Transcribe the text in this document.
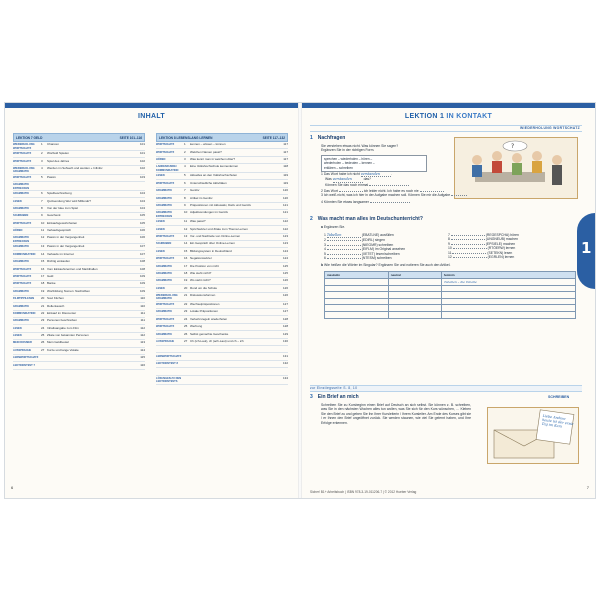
INHALT
LEKTION 7 GELD	SEITE 101–116
WIEDERHOLUNG WORTSCHATZ
1	Chancen	101
WORTSCHATZ	2	Wortfeld Spielen	101
WORTSCHATZ	3	Spiel des Jahres	102
WIEDERHOLUNG GRAMMATIK
4	Werden im Sofwerb und werden + Infinitiv	102
WORTSCHATZ	5	Passiv	103
GRAMMATIK ENTDECKEN
GRAMMATIK	6	Spielbeschreibung	104
LESEN	7	Quizsendung Wer wird Millionär?	104
GRAMMATIK	8	Von der Idee zum Spiel	104
SCHREIBEN	9	Geschenk	105
WORTSCHATZ	10 Einkaufsgewohnheiten	105
HÖREN	11 Verkaufsgespräch	106
GRAMMATIK ENTDECKEN
12 Passiv in der Vergangenheit	106
GRAMMATIK	13 Passiv in der Vergangenheit	107
KOMMUNIKATION	14 Verkaufe im Internet	107
GRAMMATIK	15 Richtig einkaufen	108
WORTSCHATZ	16 Vom Einkaufszentren und Markthallen	108
WORTSCHATZ	17 Geld	109
WORTSCHATZ	18 Banke	109
GRAMMATIK	19 Wortbildung Nomen: Nachsilben	109
FILMTIPP/LESEN	20 Soul Kitchen	110
GRAMMATIK	21 Rollentausch	110
KOMMUNIKATION	22 Einkauf im Discounter	111
GRAMMATIK	23 Personen beschreiben	111
LESEN	24 Inhaltsangabe zum Film	112
LESEN	25 Zitate von bekannten Personen	112
MEIN DOSSIER	26 Mein Geldbeutel	113
AUSSPRACHE	27 Kurze und lange Vokale	114
LERNWORTSCHATZ	115
LEKTIONSTEST 7	116
LEKTION 8 LEBENSLANG LERNEN	SEITE 117–132
WORTSCHATZ	1	kennen – wissen – können	117
WORTSCHATZ	2	Welchen Namen passt?	117
HÖREN	3	Was kennt man in welchem Alter?	117
LANDESKUNDE/ KOMMUNIKATION
4	Eine Volkshochschule kennenlernen	118
LESEN	5	Aktuelles an den Volkshochschulen	119
WORTSCHATZ	6	Unterschiedliche Aktivitäten	119
GRAMMATIK	7	Genitiv	120
GRAMMATIK	8	Artikel im Genitiv	120
GRAMMATIK	9	Präpositionen mit Akkusativ, Dativ und Genitiv	121
GRAMMATIK ENTDECKEN
10 Adjektivendungen im Genitiv	121
LESEN	11 Was passt?	122
LESEN	12 Sprichwörter und Zitate zum Thema Lernen	122
WORTSCHATZ	13 Vor- und Nachteile von Online-Lernen	123
SCHREIBEN	14 Ein Gespräch über Online-Lernen	123
LESEN	15 Bildungssystem in Deutschland	124
WORTSCHATZ	16 Negationswörter	124
GRAMMATIK	17 Die Position von nicht	125
GRAMMATIK	18 Wie steht nicht?	125
GRAMMATIK	19 Wo steht nicht?	126
LESEN	20 Rund um die Schule	126
WIEDERHOLUNG GRAMMATIK
21 Diskussionsformen	126
WORTSCHATZ	22 Wechselpräpositionen	127
GRAMMATIK	23 Lokale Präpositionen	127
WORTSCHATZ	24 Verkehrsregeln wiederholen	128
WORTSCHATZ	25 Werbung	128
GRAMMATIK	26 Selbst gemachte Geschenke	129
AUSSPRACHE	27 Ch (ich-Laut), ch (ach-Laut) und ch – ich	130
LERNWORTSCHATZ	131
LEKTIONSTEST 8	132
LÖSUNGEN ZU DEN LEKTIONSTESTS
134
6
LEKTION 1 IN KONTAKT
WIEDERHOLUNG WORTSCHATZ
1 Nachfragen
Sie verstehen etwas nicht. Was können Sie sagen?
Ergänzen Sie in der richtigen Form.
sprechen – wiederholen – hören –
wiederholen – bedeuten – kennen –
erklären – schreiben
?
1 Das Wort habe ich nicht verstanden	.
Was verstanden	das?
Können Sie das noch einmal
2 Das Wort	ich leider nicht. Ich habe es noch nie
3 Ich weiß nicht, was ich hier in der Aufgabe machen soll. Können Sie mir die Aufgabe
4 Könnten Sie etwas langsamer
2 Was macht man alles im Deutschunterricht?
a Ergänzen Sie.
1 Tabellen	(EBATLNE) ausfüllen
2	(EDIRL) singen
3	(NIEGMR) schreiben
4	(EIFLM) im Original ansehen
5	(XETET) lesen/schreiben
6	(NTESM) schreiben
7	(REGESPCHA) hören
8	(UNGNEUB) machen
9	(EPSIELE) machen
10	(RTÖERW) lernen
11	(SETEKN) lesen
12	(EGRLEN) lernen
b Wie heißen die Wörter im Singular? Ergänzen Sie und notieren Sie auch den Artikel.
maskulin	neutral	feminin
		Tabellen – die Tabelle

zur Einstiegsseite S. 8, 10
3 Ein Brief an mich	SCHREIBEN
Schreiben Sie zu Kursbeginn einen Brief auf Deutsch an sich selbst. Sie können z. B. schreiben, was Sie in den nächsten Wochen alles tun wollen, was Sie sich für den Kurs wünschen, … Kleben Sie den Brief zu und geben Sie ihn Ihrer Kursleiterin / Ihrem Kursleiter. Am Ende des Kurses gibt sie / er Ihnen den Brief ungeöffnet zurück. Sie werden staunen, wie viel Sie gelernt haben, und Ihre Erfolge erkennen.
Liebe Andrea heute ist der erste Tag im Kurs
1
Sicher! B1+ Arbeitsbuch | ISBN 978-3-19-011206-7 | © 2012 Hueber Verlag
7
